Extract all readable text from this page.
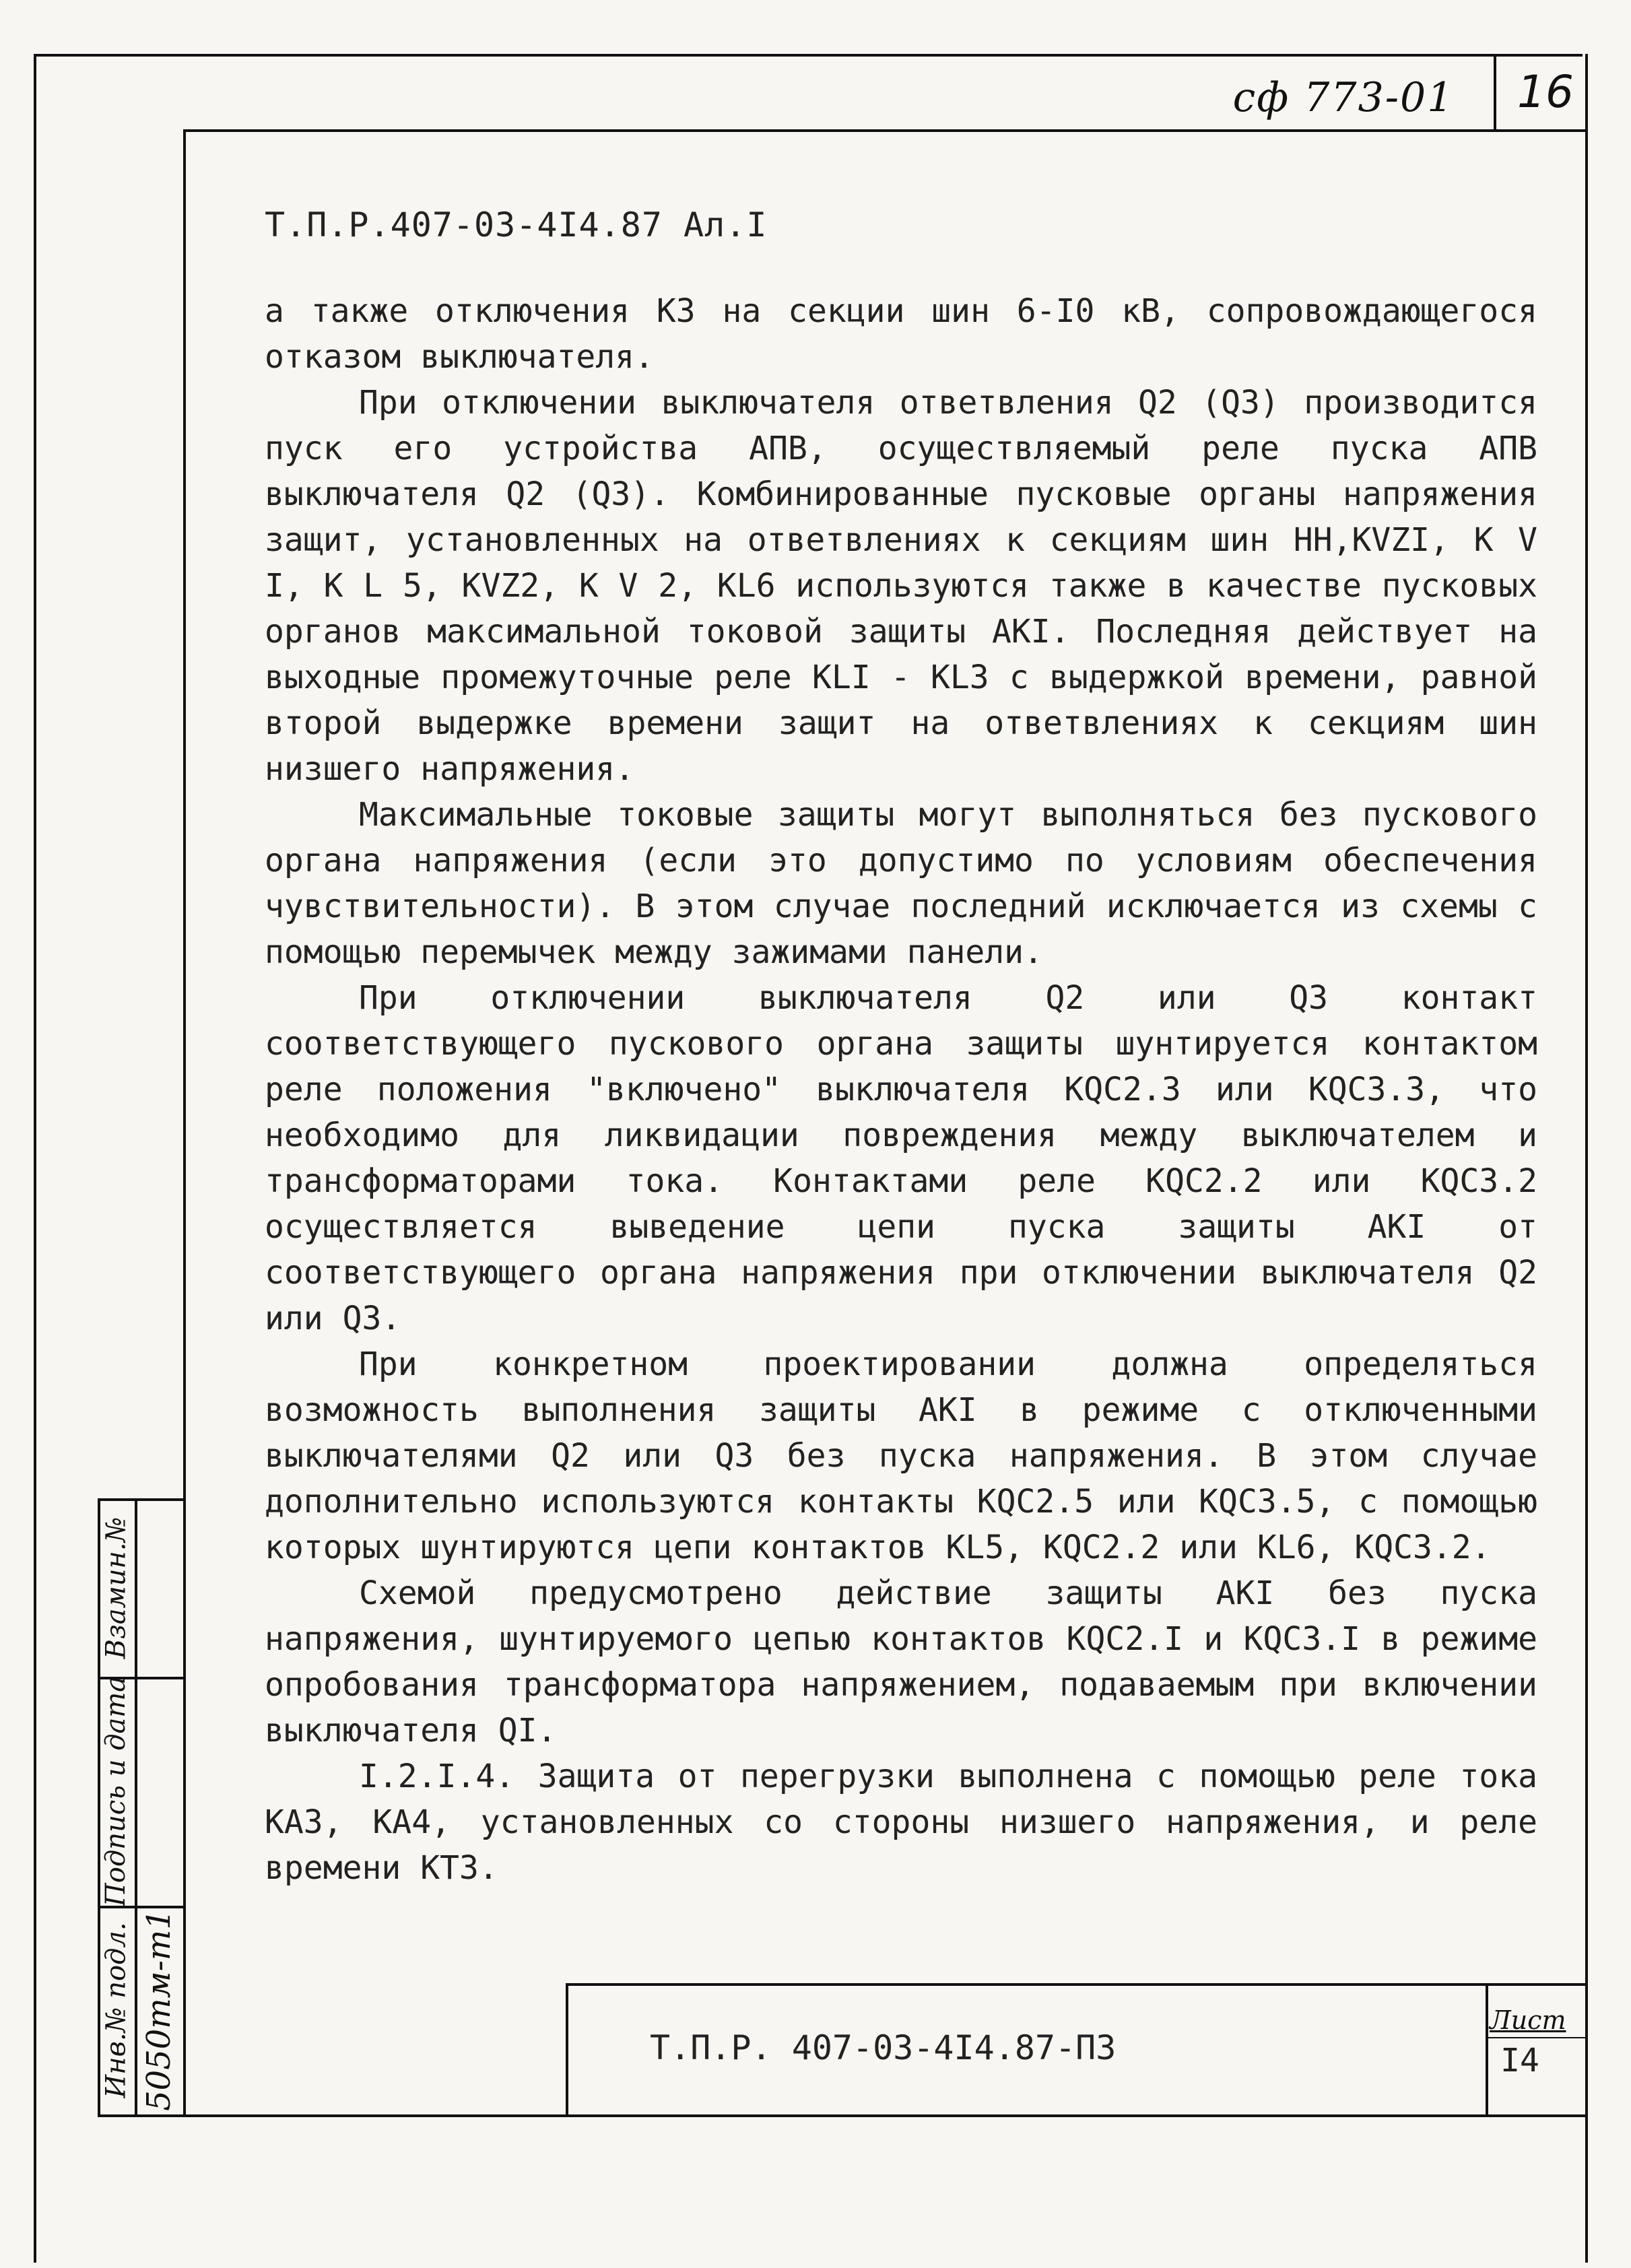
сф 773-01	16
Т.П.Р.407-03-4I4.87 Ал.I

а также отключения КЗ на секции шин 6-I0 кВ, сопровождающегося отказом выключателя.

При отключении выключателя ответвления Q2 (Q3) производится пуск его устройства АПВ, осуществляемый реле пуска АПВ выключателя Q2 (Q3). Комбинированные пусковые органы напряжения защит, установленных на ответвлениях к секциям шин НН,KVZI, K V I, K L 5, KVZ2, K V 2, KL6 используются также в качестве пусковых органов максимальной токовой защиты АКI. Последняя действует на выходные промежуточные реле KLI - KL3 с выдержкой времени, равной второй выдержке времени защит на ответвлениях к секциям шин низшего напряжения.

Максимальные токовые защиты могут выполняться без пускового органа напряжения (если это допустимо по условиям обеспечения чувствительности). В этом случае последний исключается из схемы с помощью перемычек между зажимами панели.

При отключении выключателя Q2 или Q3 контакт соответствующего пускового органа защиты шунтируется контактом реле положения "включено" выключателя KQC2.3 или KQC3.3, что необходимо для ликвидации повреждения между выключателем и трансформаторами тока. Контактами реле KQC2.2 или KQC3.2 осуществляется выведение цепи пуска защиты АКI от соответствующего органа напряжения при отключении выключателя Q2 или Q3.

При конкретном проектировании должна определяться возможность выполнения защиты АКI в режиме с отключенными выключателями Q2 или Q3 без пуска напряжения. В этом случае дополнительно используются контакты KQC2.5 или KQC3.5, с помощью которых шунтируются цепи контактов KL5, KQC2.2 или KL6, KQC3.2.

Схемой предусмотрено действие защиты АКI без пуска напряжения, шунтируемого цепью контактов KQC2.I и KQC3.I в режиме опробования трансформатора напряжением, подаваемым при включении выключателя QI.

I.2.I.4. Защита от перегрузки выполнена с помощью реле тока КА3, КА4, установленных со стороны низшего напряжения, и реле времени КТ3.

Взамин.№
Подпись и дата
Инв.№ подл. 5050тм-т1	Т.П.Р. 407-03-4I4.87-П3
Лист
I4
